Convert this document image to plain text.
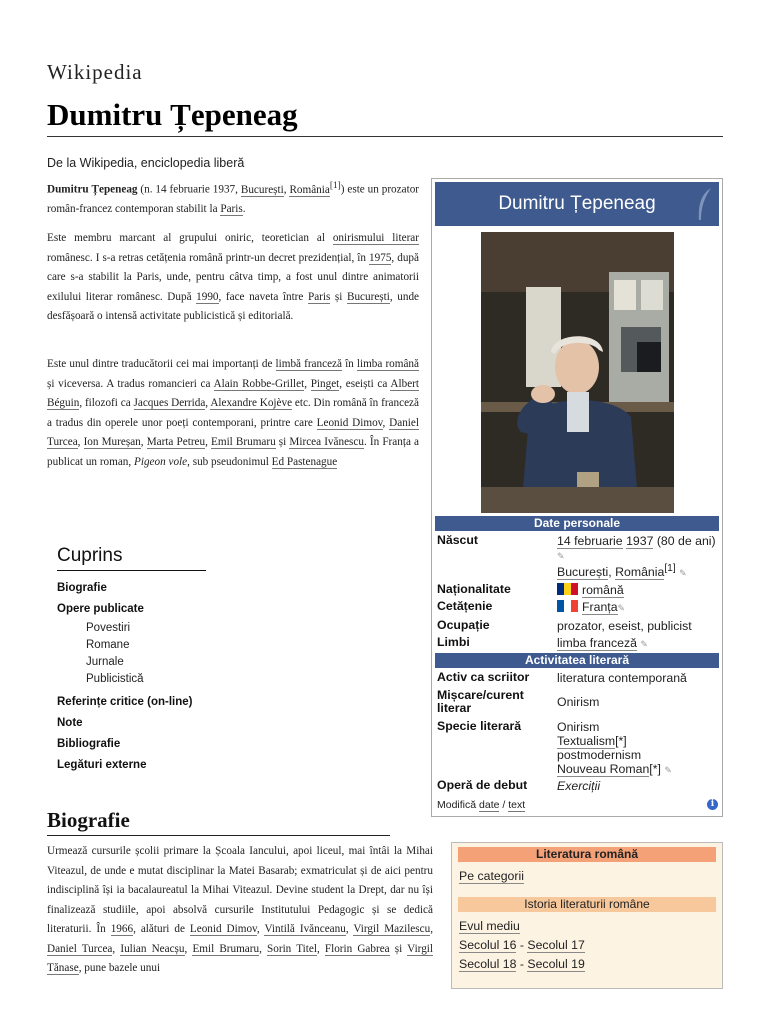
Wikipedia
Dumitru Țepeneag
De la Wikipedia, enciclopedia liberă

Dumitru Țepeneag (n. 14 februarie 1937, București, România[1]) este un prozator român-francez contemporan stabilit la Paris.

Este membru marcant al grupului oniric, teoretician al onirismului literar românesc. I s-a retras cetățenia română printr-un decret prezidențial, în 1975, după care s-a stabilit la Paris, unde, pentru câtva timp, a fost unul dintre animatorii exilului literar românesc. După 1990, face naveta între Paris și București, unde desfășoară o intensă activitate publicistică și editorială.

Este unul dintre traducătorii cei mai importanți de limbă franceză în limba română și viceversa. A tradus romancieri ca Alain Robbe-Grillet, Pinget, eseiști ca Albert Béguin, filozofi ca Jacques Derrida, Alexandre Kojève etc. Din română în franceză a tradus din operele unor poeți contemporani, printre care Leonid Dimov, Daniel Turcea, Ion Mureșan, Marta Petreu, Emil Brumaru și Mircea Ivănescu. În Franța a publicat un roman, Pigeon vole, sub pseudonimul Ed Pastenague

Cuprins
Biografie
Opere publicate
Povestiri
Romane
Jurnale
Publicistică
Referințe critice (on-line)
Note
Bibliografie
Legături externe
Biografie

Urmează cursurile școlii primare la Școala Iancului, apoi liceul, mai întâi la Mihai Viteazul, de unde e mutat disciplinar la Matei Basarab; exmatriculat și de aici pentru indisciplină își ia bacalaureatul la Mihai Viteazul. Devine student la Drept, dar nu își finalizează studiile, apoi absolvă cursurile Institutului Pedagogic și se dedică literaturii. În 1966, alături de Leonid Dimov, Vintilă Ivănceanu, Virgil Mazilescu, Daniel Turcea, Iulian Neacșu, Emil Brumaru, Sorin Titel, Florin Gabrea și Virgil Tănase, pune bazele unui

Dumitru Țepeneag
Date personale
Născut	14 februarie 1937 (80 de ani)✎
București, România[1] ✎
Naționalitate	română
Cetățenie	Franța✎
Ocupație	prozator, eseist, publicist
Limbi	limba franceză ✎
Activitatea literară
Activ ca scriitor	literatura contemporană
Mișcare/curent literar	Onirism
Specie literară	Onirism
Textualism[*]
postmodernism
Nouveau Roman[*] ✎
Operă de debut	Exerciții
Modifică date / text	i
Literatura română
Pe categorii
Istoria literaturii române
Evul mediu
Secolul 16 - Secolul 17
Secolul 18 - Secolul 19
